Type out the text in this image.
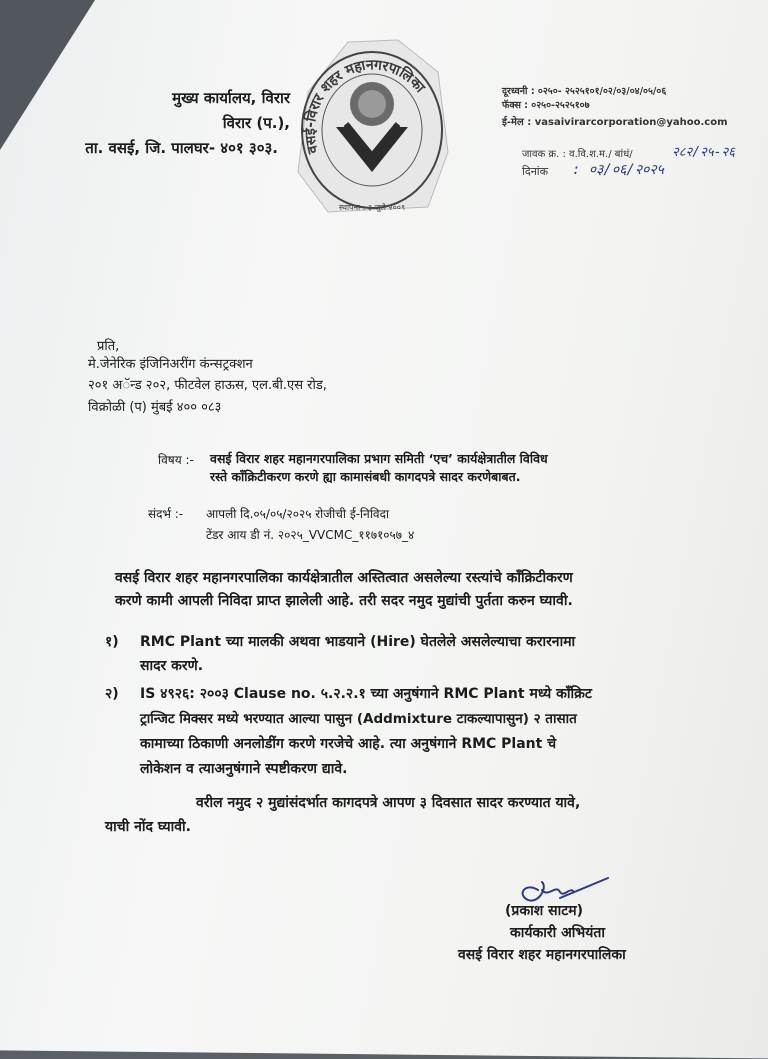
मुख्य कार्यालय, विरार
विरार (प.),
ता. वसई, जि. पालघर- ४०१ ३०३. वसई-विरार शहर महानगरपालिका
स्थापना : ३ जुलै २००९
दूरध्वनी : ०२५०- २५२५१०१/०२/०३/०४/०५/०६
फॅक्स : ०२५०-२५२५१०७
ई-मेल : vasaivirarcorporation@yahoo.com
जावक क्र. : व.वि.श.म./ बांधं/	२८२/२५-२६
दिनांक : ०३/०६/२०२५
प्रति,
मे.जेनेरिक इंजिनिअरींग कंन्सट्रक्शन
२०१ अॅन्ड २०२, फीटवेल हाऊस, एल.बी.एस रोड,
विक्रोळी (प) मुंबई ४०० ०८३
विषय :- वसई विरार शहर महानगरपालिका प्रभाग समिती ‘एच’ कार्यक्षेत्रातील विविध
रस्ते कॉंक्रिटीकरण करणे ह्या कामासंबधी कागदपत्रे सादर करणेबाबत.
संदर्भ :- आपली दि.०५/०५/२०२५ रोजीची ई-निविदा
टेंडर आय डी नं. २०२५_VVCMC_११७१०५७_४
वसई विरार शहर महानगरपालिका कार्यक्षेत्रातील अस्तित्वात असलेल्या रस्त्यांचे कॉंक्रिटीकरण
करणे कामी आपली निविदा प्राप्त झालेली आहे. तरी सदर नमुद मुद्यांची पुर्तता करुन घ्यावी.
१) RMC Plant च्या मालकी अथवा भाडयाने (Hire) घेतलेले असलेल्याचा करारनामा
सादर करणे.
२) IS ४९२६: २००३ Clause no. ५.२.२.१ च्या अनुषंगाने RMC Plant मध्ये कॉंक्रिट
ट्रान्जिट मिक्सर मध्ये भरण्यात आल्या पासुन (Addmixture टाकल्यापासुन) २ तासात
कामाच्या ठिकाणी अनलोडींग करणे गरजेचे आहे. त्या अनुषंगाने RMC Plant चे
लोकेशन व त्याअनुषंगाने स्पष्टीकरण द्यावे.
वरील नमुद २ मुद्यांसंदर्भात कागदपत्रे आपण ३ दिवसात सादर करण्यात यावे,
याची नोंद घ्यावी.
(प्रकाश साटम)
कार्यकारी अभियंता
वसई विरार शहर महानगरपालिका
